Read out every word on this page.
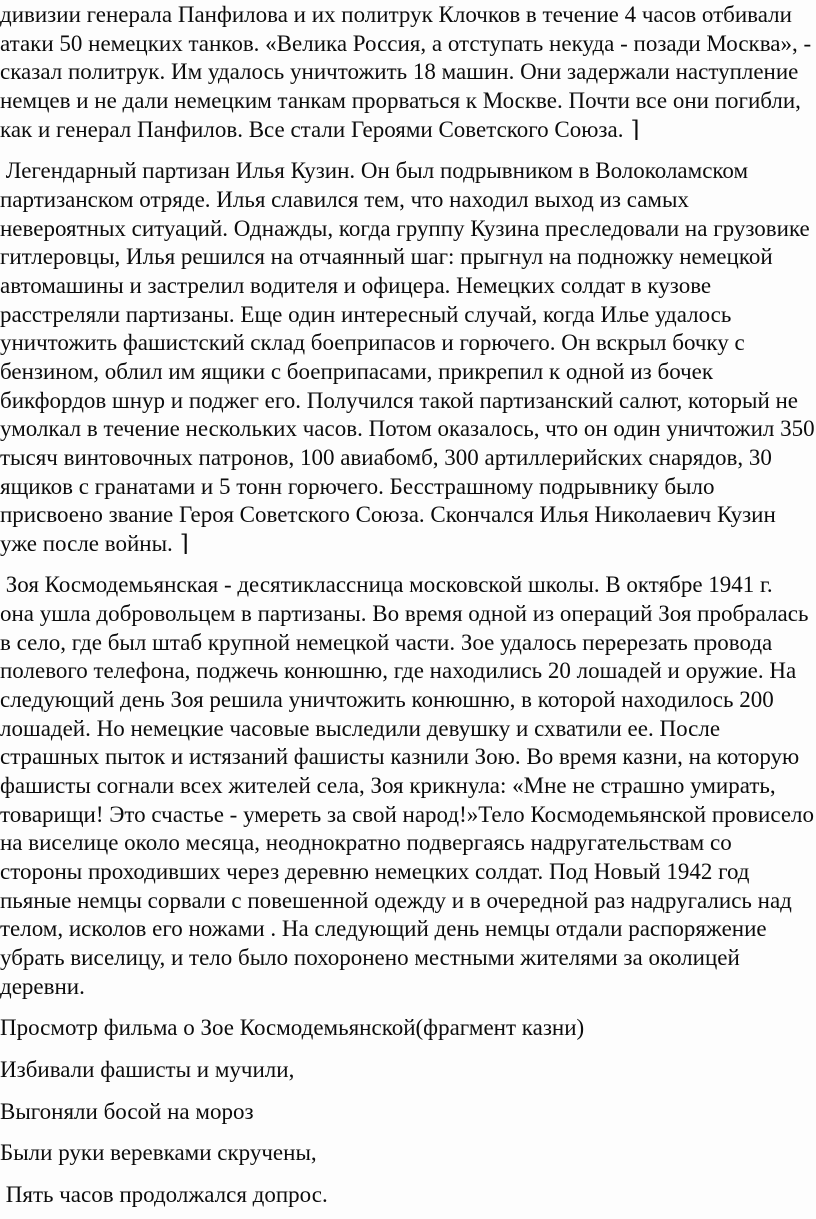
дивизии генерала Панфилова и их политрук Клочков в течение 4 часов отбивали
атаки 50 немецких танков. «Велика Россия, а отступать некуда - позади Москва», -
сказал политрук. Им удалось уничтожить 18 машин. Они задержали наступление
немцев и не дали немецким танкам прорваться к Москве. Почти все они погибли,
как и генерал Панфилов. Все стали Героями Советского Союза. ⌉

Легендарный партизан Илья Кузин. Он был подрывником в Волоколамском
партизанском отряде. Илья славился тем, что находил выход из самых
невероятных ситуаций. Однажды, когда группу Кузина преследовали на грузовике
гитлеровцы, Илья решился на отчаянный шаг: прыгнул на подножку немецкой
автомашины и застрелил водителя и офицера. Немецких солдат в кузове
расстреляли партизаны. Еще один интересный случай, когда Илье удалось
уничтожить фашистский склад боеприпасов и горючего. Он вскрыл бочку с
бензином, облил им ящики с боеприпасами, прикрепил к одной из бочек
бикфордов шнур и поджег его. Получился такой партизанский салют, который не
умолкал в течение нескольких часов. Потом оказалось, что он один уничтожил 350
тысяч винтовочных патронов, 100 авиабомб, 300 артиллерийских снарядов, 30
ящиков с гранатами и 5 тонн горючего. Бесстрашному подрывнику было
присвоено звание Героя Советского Союза. Скончался Илья Николаевич Кузин
уже после войны. ⌉

Зоя Космодемьянская - десятиклассница московской школы. В октябре 1941 г.
она ушла добровольцем в партизаны. Во время одной из операций Зоя пробралась
в село, где был штаб крупной немецкой части. Зое удалось перерезать провода
полевого телефона, поджечь конюшню, где находились 20 лошадей и оружие. На
следующий день Зоя решила уничтожить конюшню, в которой находилось 200
лошадей. Но немецкие часовые выследили девушку и схватили ее. После
страшных пыток и истязаний фашисты казнили Зою. Во время казни, на которую
фашисты согнали всех жителей села, Зоя крикнула: «Мне не страшно умирать,
товарищи! Это счастье - умереть за свой народ!»Тело Космодемьянской провисело
на виселице около месяца, неоднократно подвергаясь надругательствам со
стороны проходивших через деревню немецких солдат. Под Новый 1942 год
пьяные немцы сорвали с повешенной одежду и в очередной раз надругались над
телом, исколов его ножами . На следующий день немцы отдали распоряжение
убрать виселицу, и тело было похоронено местными жителями за околицей
деревни.

Просмотр фильма о Зое Космодемьянской(фрагмент казни)

Избивали фашисты и мучили,

Выгоняли босой на мороз

Были руки веревками скручены,

Пять часов продолжался допрос.
